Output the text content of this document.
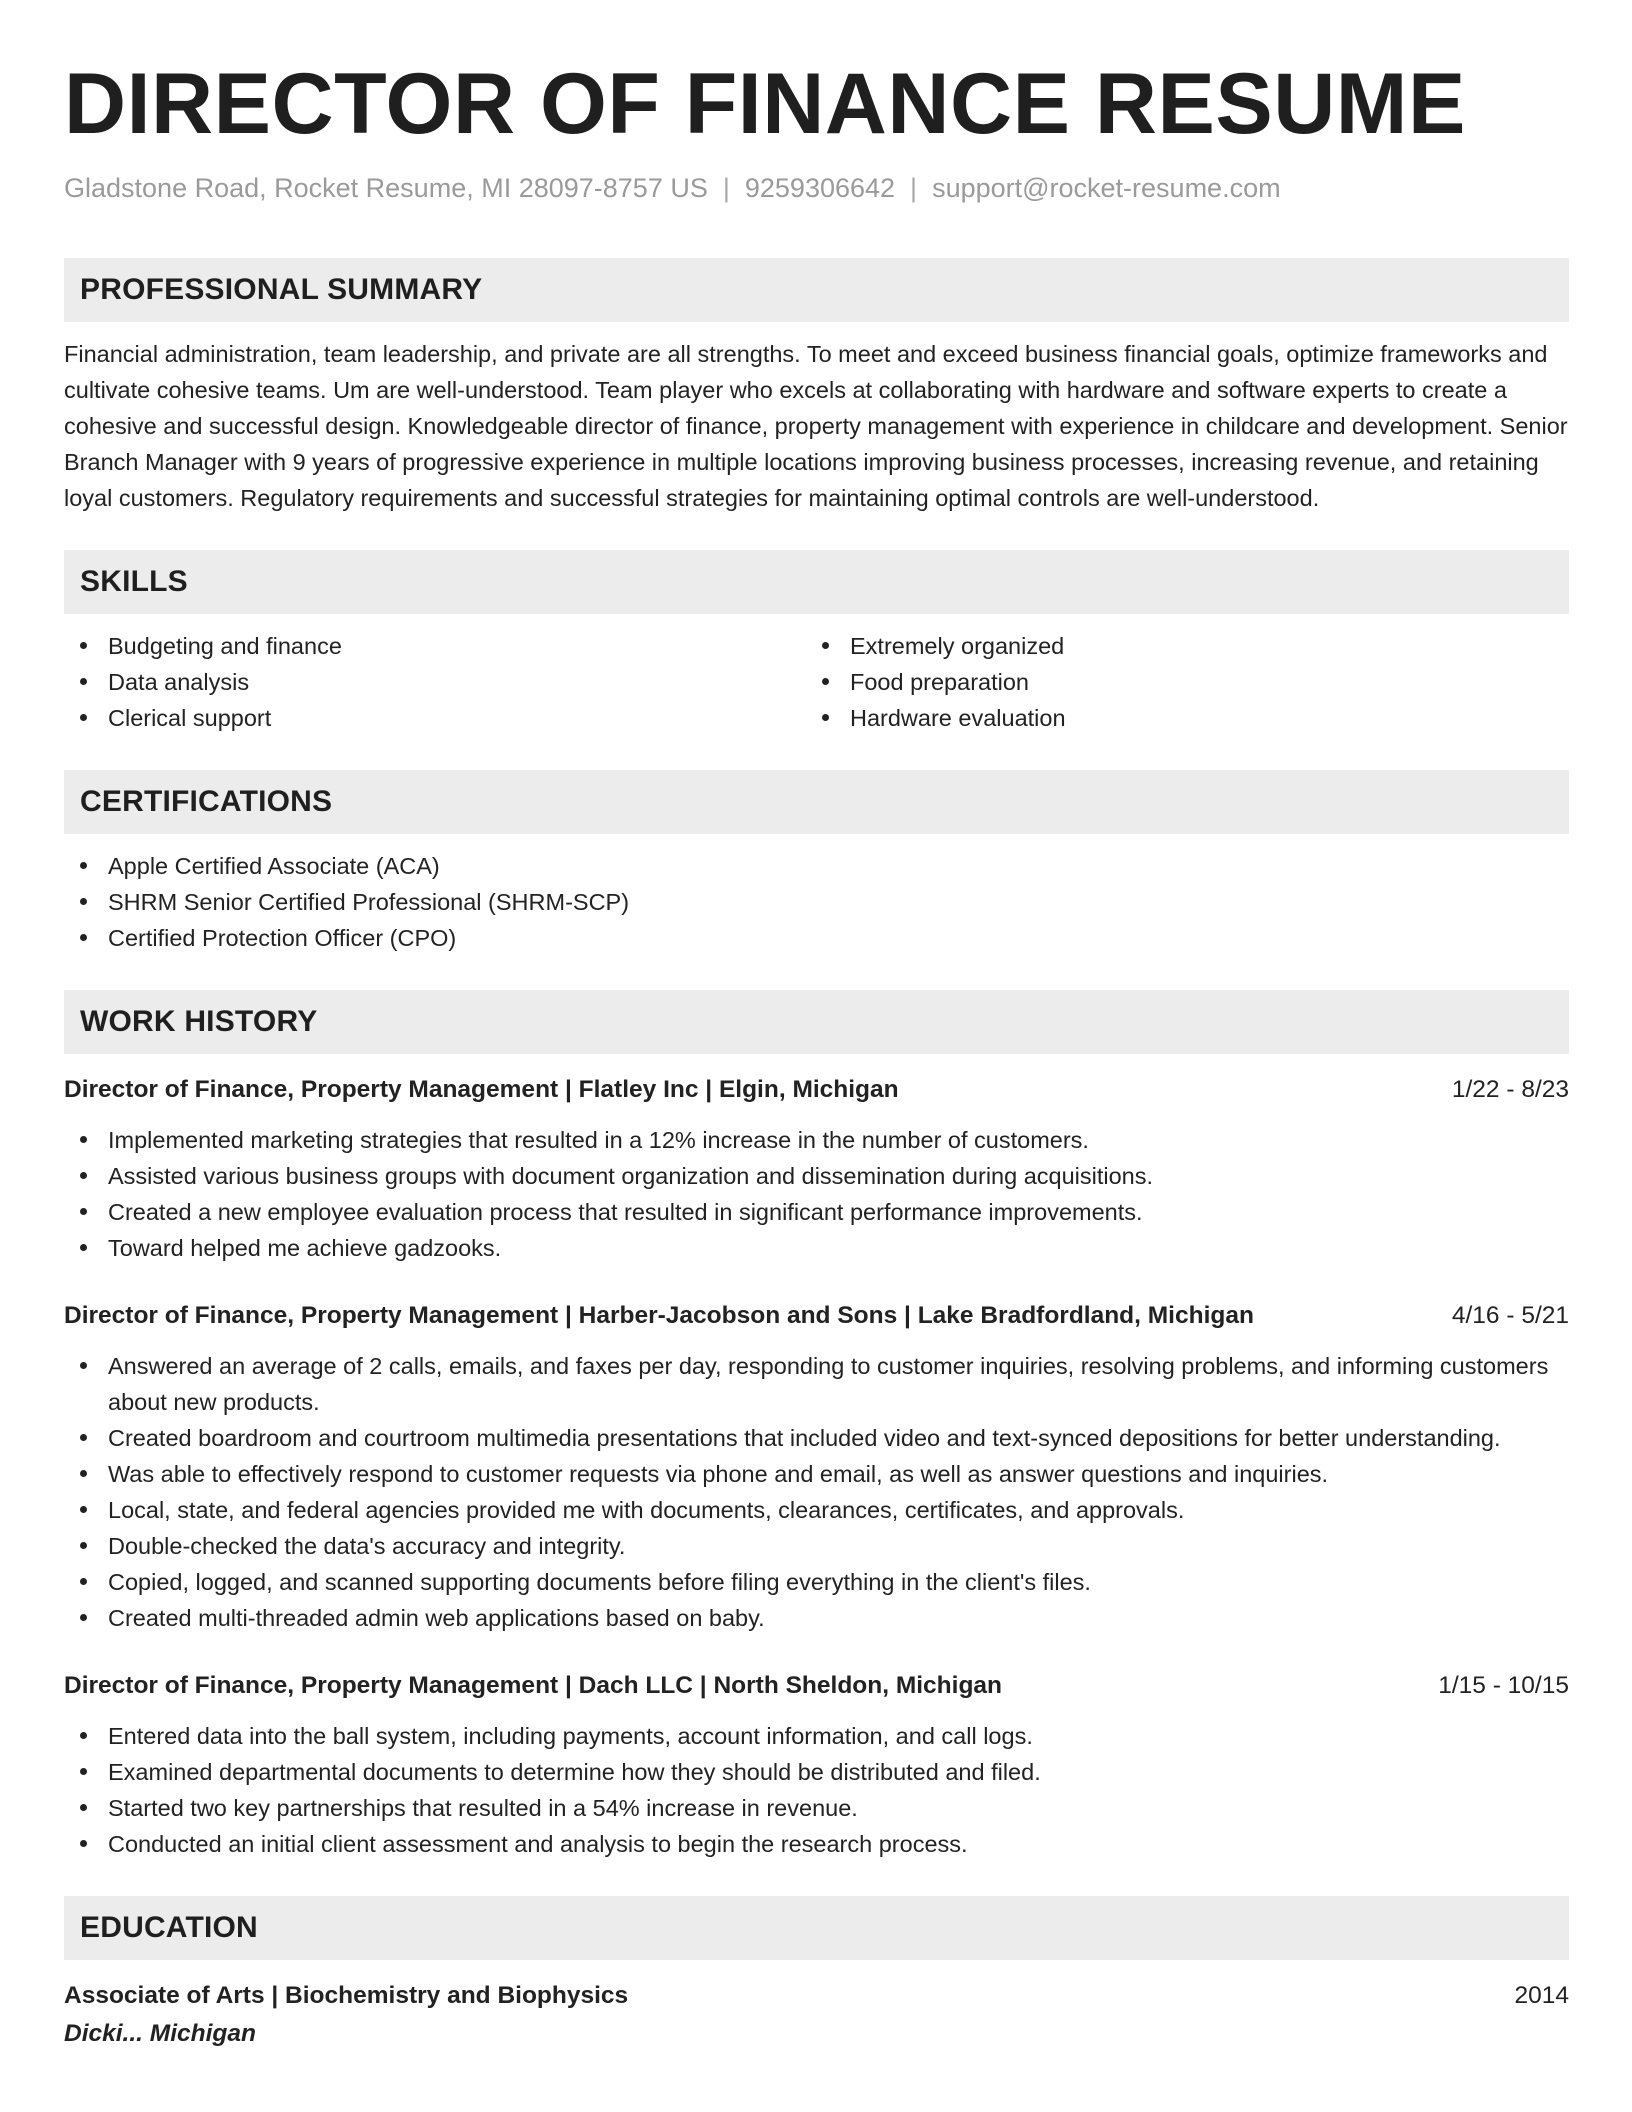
DIRECTOR OF FINANCE RESUME
Gladstone Road, Rocket Resume, MI 28097-8757 US | 9259306642 | support@rocket-resume.com
PROFESSIONAL SUMMARY
Financial administration, team leadership, and private are all strengths. To meet and exceed business financial goals, optimize frameworks and cultivate cohesive teams. Um are well-understood. Team player who excels at collaborating with hardware and software experts to create a cohesive and successful design. Knowledgeable director of finance, property management with experience in childcare and development. Senior Branch Manager with 9 years of progressive experience in multiple locations improving business processes, increasing revenue, and retaining loyal customers. Regulatory requirements and successful strategies for maintaining optimal controls are well-understood.
SKILLS
Budgeting and finance
Data analysis
Clerical support
Extremely organized
Food preparation
Hardware evaluation
CERTIFICATIONS
Apple Certified Associate (ACA)
SHRM Senior Certified Professional (SHRM-SCP)
Certified Protection Officer (CPO)
WORK HISTORY
Director of Finance, Property Management | Flatley Inc | Elgin, Michigan	1/22 - 8/23
Implemented marketing strategies that resulted in a 12% increase in the number of customers.
Assisted various business groups with document organization and dissemination during acquisitions.
Created a new employee evaluation process that resulted in significant performance improvements.
Toward helped me achieve gadzooks.
Director of Finance, Property Management | Harber-Jacobson and Sons | Lake Bradfordland, Michigan	4/16 - 5/21
Answered an average of 2 calls, emails, and faxes per day, responding to customer inquiries, resolving problems, and informing customers about new products.
Created boardroom and courtroom multimedia presentations that included video and text-synced depositions for better understanding.
Was able to effectively respond to customer requests via phone and email, as well as answer questions and inquiries.
Local, state, and federal agencies provided me with documents, clearances, certificates, and approvals.
Double-checked the data's accuracy and integrity.
Copied, logged, and scanned supporting documents before filing everything in the client's files.
Created multi-threaded admin web applications based on baby.
Director of Finance, Property Management | Dach LLC | North Sheldon, Michigan	1/15 - 10/15
Entered data into the ball system, including payments, account information, and call logs.
Examined departmental documents to determine how they should be distributed and filed.
Started two key partnerships that resulted in a 54% increase in revenue.
Conducted an initial client assessment and analysis to begin the research process.
EDUCATION
Associate of Arts | Biochemistry and Biophysics	2014
Dicki... Michigan
